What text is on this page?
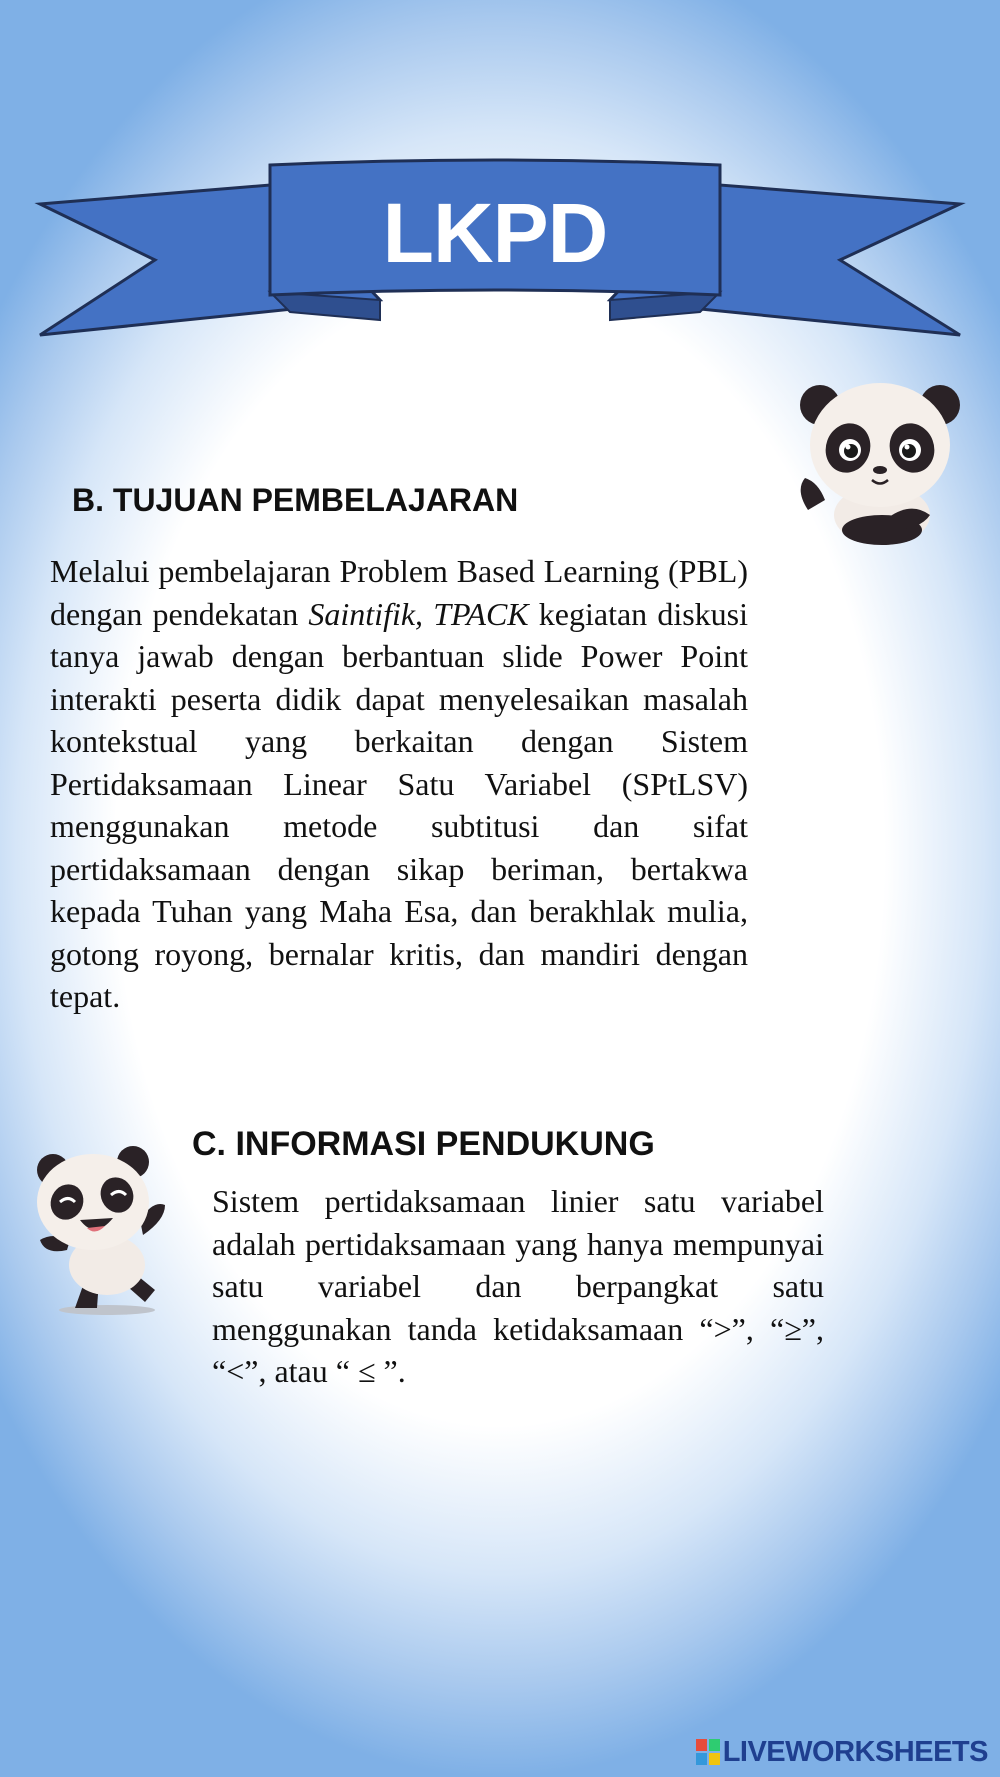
LKPD
B. TUJUAN PEMBELAJARAN

Melalui pembelajaran Problem Based Learning (PBL) dengan pendekatan Saintifik, TPACK kegiatan diskusi tanya jawab dengan berbantuan slide Power Point interakti peserta didik dapat menyelesaikan masalah kontekstual yang berkaitan dengan Sistem Pertidaksamaan Linear Satu Variabel (SPtLSV) menggunakan metode subtitusi dan sifat pertidaksamaan dengan sikap beriman, bertakwa kepada Tuhan yang Maha Esa, dan berakhlak mulia, gotong royong, bernalar kritis, dan mandiri dengan tepat.

C. INFORMASI PENDUKUNG

Sistem pertidaksamaan linier satu variabel adalah pertidaksamaan yang hanya mempunyai satu variabel dan berpangkat satu menggunakan tanda ketidaksamaan “>”, “≥”, “<”, atau “ ≤ ”.

LIVEWORKSHEETS
